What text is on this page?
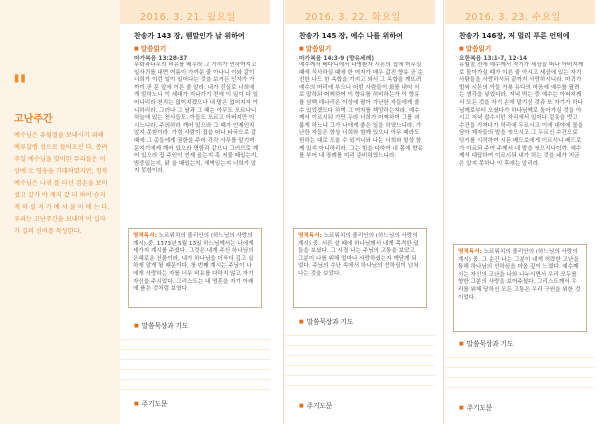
"
고난주간
예수님은 유월절을 보내시기 위해 예루살렘 성으로 들어오신 다. 종려주일 예수님을 맞이한 무리들은 이상에 오 영웅을 기대하였지만, 정작 예수님은 나귀 를 타신 겸손을 보이셨고 갈가 야 계지 갔 더 하이 승지 게 하 실 저 가 예 셔 꿀 이 에 는 다. 우리는 고난주간을 보내며 이 십자가 길의 신비를 묵상한다.
2016. 3. 21. 월요일
찬송가 143 장, 웬말인가 날 위하여
■ 말씀읽기
마가복음 13:28-37
무화과나무의 비유를 배우라 그 가지가 연하여지고 잎사귀를 내면 여름이 가까운 줄 아나니 이와 같이 너희가 이런 일이 일어나는 것을 보거든 인자가 가까이 곧 문 앞에 이른 줄 알라. 내가 진실로 너희에게 말하노니 이 세대가 지나가기 전에 이 일이 다 일어나리라 천지는 없어지겠으나 내 말은 없어지지 아니하리라. 그러나 그 날과 그 때는 아무도 모르나니 하늘에 있는 천사들도, 아들도 모르고 아버지만 아시느니라. 주의하라 깨어 있으라 그 때가 언제인지 알지 못함이라. 가령 사람이 집을 떠나 타국으로 갈 때에 그 종들에게 권한을 주어 각각 사무를 맡기며 문지기에게 깨어 있으라 명함과 같으니 그러므로 깨어 있으라 집 주인이 언제 올는지 혹 저물 때일는지, 밤중일는지, 닭 울 때일는지, 새벽일는지 너희가 알지 못함이라.
영적독서: 노르위치의 줄리안의 (하느님의 사랑의 계시) 중. 1373년 5월 13일 하느님께서는 나에게 세가지 계시를 주셨다. 그것은 내게 주신 하나님의 은혜로운 선물이라, 내가 하나님을 더욱더 깊고 실하게 알게 될 때문이다. 첫 번째 계시는 주님이 나에게 사랑하는 자를 너무 비유를 다하지 않고 자기 자신을 주시었다. 그리스도는 내 영혼을 자기 아래에 품은 것처럼 보였다.
■ 말씀묵상과 기도
■ 주기도문
2016. 3. 22. 화요일
찬송가 145 장, 예수 나를 위하여
■ 말씀읽기
마가복음 14:3-9 (향유세례)
예수께서 베다니에서 나병환자 시몬의 집에 머무실 때에 식사하실 때에 한 여자가 매우 값진 향유 곧 순전한 나드 한 옥합을 가지고 와서 그 옥합을 깨뜨려 예수의 머리에 부으니 어떤 사람들이 화를 내어 서로 말하되 어찌하여 이 향유를 허비하는가 이 향유를 삼백 데나리온 이상에 팔아 가난한 자들에게 줄 수 있었겠도다 하며 그 여자를 책망하는지라. 예수께서 이르시되 가만 두라 너희가 어찌하여 그를 괴롭게 하느냐 그가 나에게 좋은 일을 하였느니라. 가난한 자들은 항상 너희와 함께 있으니 아무 때라도 원하는 대로 도울 수 있거니와 나는 너희와 항상 함께 있지 아니하리라. 그는 힘을 다하여 내 몸에 향유를 부어 내 장례를 미리 준비하였느니라.
영적독서: 노르위치의 줄리안의 (하느님의 사랑의 계시) 중. 서른 살 때에 하나님께서 내게 목격한 일들을 보셨다. 그 시절 나는 주님의 고통을 보았고 그분이 나를 위해 얼마나 사랑하셨는지 깨닫게 되었다. 주님의 수난 속에서 하나님의 선하심이 넘쳐나는 것을 보았다.
■ 말씀묵상과 기도
■ 주기도문
2016. 3. 23. 수요일
찬송가 146장, 저 멀리 푸른 언덕에
■ 말씀읽기
요한복음 13:1-7, 12-14
유월절 전에 예수께서 자기가 세상을 떠나 아버지께로 돌아가실 때가 이른 줄 아시고 세상에 있는 자기 사람들을 사랑하시되 끝까지 사랑하시니라. 마귀가 벌써 시몬의 아들 가룟 유다의 마음에 예수를 팔려는 생각을 넣었더라. 저녁 먹는 중 예수는 아버지께서 모든 것을 자기 손에 맡기신 것과 또 자기가 하나님께로부터 오셨다가 하나님께로 돌아가실 것을 아시고 저녁 잡수시던 자리에서 일어나 겉옷을 벗고 수건을 가져다가 허리에 두르시고 이에 대야에 물을 담아 제자들의 발을 씻으시고 그 두르신 수건으로 닦기를 시작하여 시몬 베드로에게 이르시니 베드로가 이르되 주여 주께서 내 발을 씻으시나이까. 예수께서 대답하여 이르시되 내가 하는 것을 네가 지금은 알지 못하나 이 후에는 알리라.
영적독서: 노르위치의 줄리안의 (하느님의 사랑의 계시) 중. 그 순간 나는 그분이 내게 허락한 고난을 통해 하나님의 선하심을 마음 깊이 느꼈다. 예수께서는 자신의 고난을 나와 나누시면서 우리 모두를 향한 그분의 사랑을 보여주셨다. 그리스도께서 우리를 위해 당하신 모든 고통은 우리 구원을 위한 것이었다.
■ 말씀묵상과 기도
■ 주기도문
